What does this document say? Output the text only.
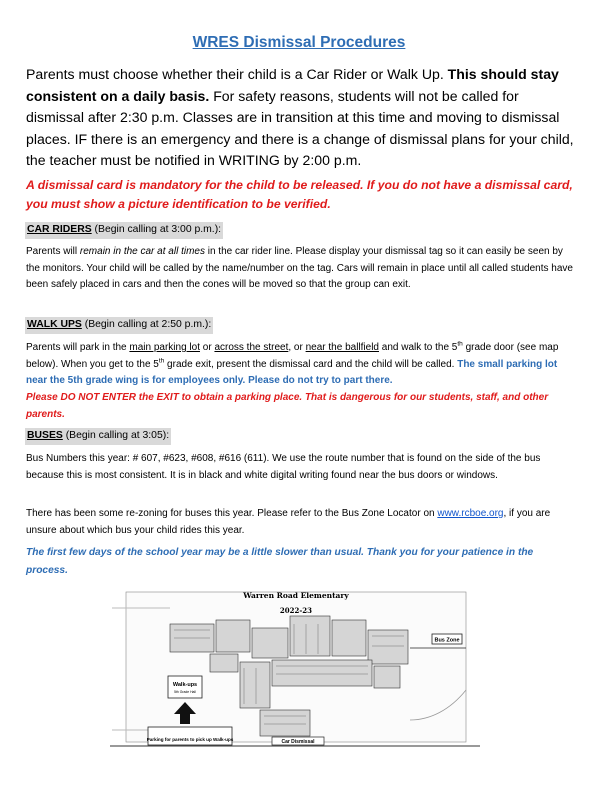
WRES Dismissal Procedures
Parents must choose whether their child is a Car Rider or Walk Up. This should stay consistent on a daily basis. For safety reasons, students will not be called for dismissal after 2:30 p.m. Classes are in transition at this time and moving to dismissal places. IF there is an emergency and there is a change of dismissal plans for your child, the teacher must be notified in WRITING by 2:00 p.m.
A dismissal card is mandatory for the child to be released. If you do not have a dismissal card, you must show a picture identification to be verified.
CAR RIDERS (Begin calling at 3:00 p.m.):
Parents will remain in the car at all times in the car rider line. Please display your dismissal tag so it can easily be seen by the monitors. Your child will be called by the name/number on the tag. Cars will remain in place until all called students have been safely placed in cars and then the cones will be moved so that the group can exit.
WALK UPS (Begin calling at 2:50 p.m.):
Parents will park in the main parking lot or across the street, or near the ballfield and walk to the 5th grade door (see map below). When you get to the 5th grade exit, present the dismissal card and the child will be called. The small parking lot near the 5th grade wing is for employees only. Please do not try to part there.
Please DO NOT ENTER the EXIT to obtain a parking place. That is dangerous for our students, staff, and other parents.
BUSES (Begin calling at 3:05):
Bus Numbers this year: # 607, #623, #608, #616 (611). We use the route number that is found on the side of the bus because this is most consistent. It is in black and white digital writing found near the bus doors or windows.
There has been some re-zoning for buses this year. Please refer to the Bus Zone Locator on www.rcboe.org, if you are unsure about which bus your child rides this year.
The first few days of the school year may be a little slower than usual. Thank you for your patience in the process.
Warren Road Elementary
2022-23
Bus Zone
Walk-ups
5th Grade Hall
Parking for parents to pick up Walk-ups	Car Dismissal
